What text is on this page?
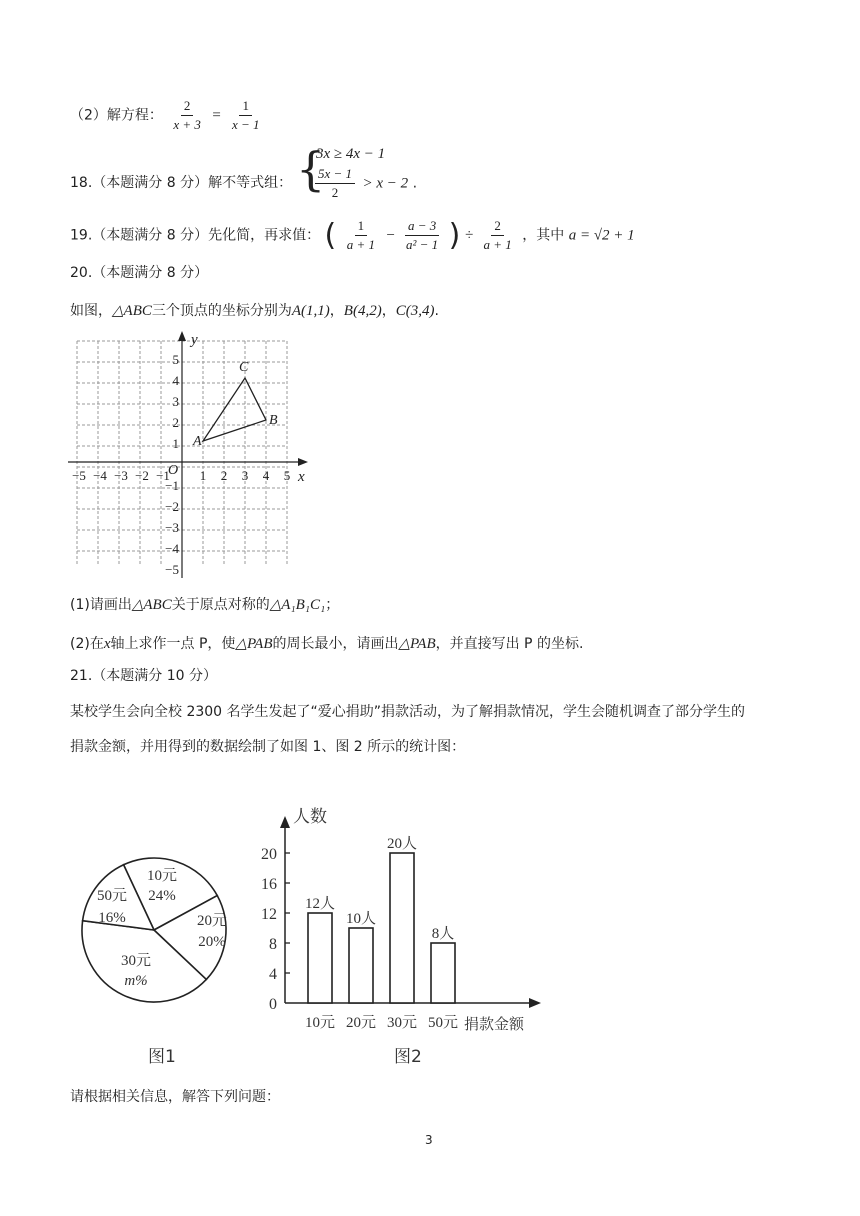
（2）解方程： $\frac{2}{x + 3} = \frac{1}{x - 1}$
18.（本题满分 8 分）解不等式组： {
3x ≥ 4x − 1
$\frac{5x - 1}{2} > x - 2$ .
19.（本题满分 8 分）先化简，再求值： ( $\frac{1}{a + 1} - \frac{a - 3}{\text{a² − 1}}$ ) ÷ $\frac{2}{a + 1}$ ，其中 a = √2 + 1
20.（本题满分 8 分）
如图，△ABC三个顶点的坐标分别为A(1,1)，B(4,2)，C(3,4).
−5 −4 −3 −2 −1 1 2 3 4 5
5
4
3
2
1
−1
−2
−3
−4
−5
O	x
y
A
B
C
(1)请画出△ABC关于原点对称的△A₁B₁C₁；
(2)在x轴上求作一点 P，使△PAB的周长最小，请画出△PAB，并直接写出 P 的坐标.
21.（本题满分 10 分）
某校学生会向全校 2300 名学生发起了“爱心捐助”捐款活动，为了解捐款情况，学生会随机调查了部分学生的
捐款金额，并用得到的数据绘制了如图 1、图 2 所示的统计图：
10元
24%
20元
20%
30元
m%
50元
16%
图1
人数
捐款金额
0
4
8
12
16
20
12人
10元
10人
20元
20人
30元
8人
50元
图2
请根据相关信息，解答下列问题：
3
